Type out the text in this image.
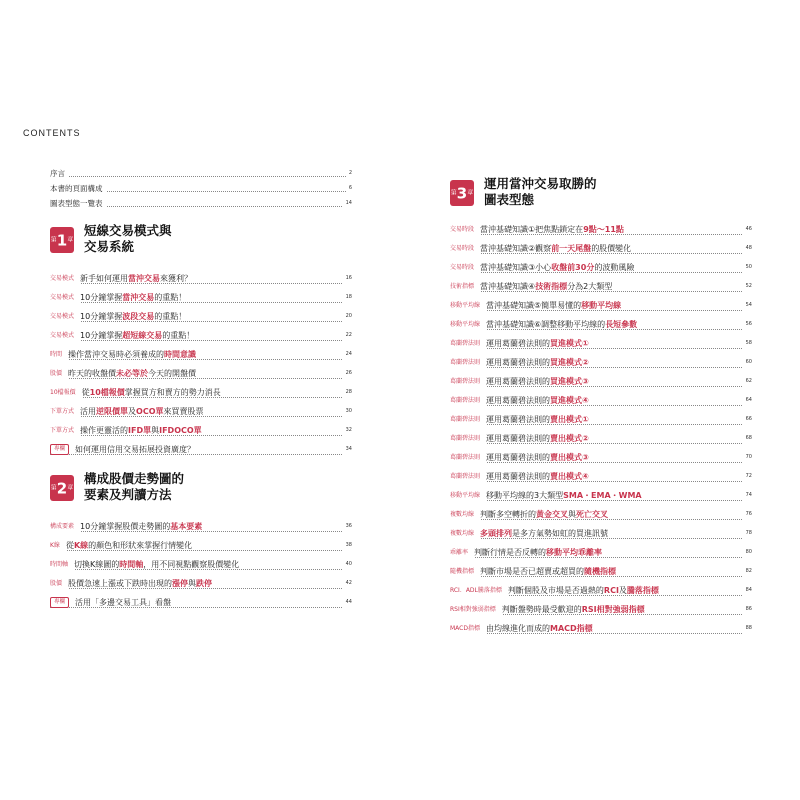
CONTENTS
序言	2
本書的頁面構成	6
圖表型態一覽表	14
第1章
短線交易模式與
交易系統
交易模式 新手如何運用當沖交易來獲利？	16
交易模式 10分鐘掌握當沖交易的重點！	18
交易模式 10分鐘掌握波段交易的重點！	20
交易模式 10分鐘掌握超短線交易的重點！	22
時間 操作當沖交易時必須養成的時間意識	24
股價 昨天的收盤價未必等於今天的開盤價	26
10檔報價 從10檔報價掌握買方和賣方的勢力消長	28
下單方式 活用逆限價單及OCO單來買賣股票	30
下單方式 操作更靈活的IFD單與IFDOCO單	32
專欄 如何運用信用交易拓展投資廣度？	34
第2章
構成股價走勢圖的
要素及判讀方法
構成要素 10分鐘掌握股價走勢圖的基本要素	36
K線 從K線的顏色和形狀來掌握行情變化	38
時間軸 切換K線圖的時間軸，用不同視點觀察股價變化	40
股價 股價急速上漲或下跌時出現的漲停與跌停	42
專欄 活用「多邊交易工具」看盤	44
第3章
運用當沖交易取勝的
圖表型態
交易時段 當沖基礎知識①把焦點鎖定在9點～11點	46
交易時段 當沖基礎知識②觀察前一天尾盤的股價變化	48
交易時段 當沖基礎知識③小心收盤前30分的波動風險	50
技術指標 當沖基礎知識④技術指標分為2大類型	52
移動平均線 當沖基礎知識⑤簡單易懂的移動平均線	54
移動平均線 當沖基礎知識⑥調整移動平均線的長短參數	56
葛蘭碧法則 運用葛蘭碧法則的買進模式①	58
葛蘭碧法則 運用葛蘭碧法則的買進模式②	60
葛蘭碧法則 運用葛蘭碧法則的買進模式③	62
葛蘭碧法則 運用葛蘭碧法則的買進模式④	64
葛蘭碧法則 運用葛蘭碧法則的賣出模式①	66
葛蘭碧法則 運用葛蘭碧法則的賣出模式②	68
葛蘭碧法則 運用葛蘭碧法則的賣出模式③	70
葛蘭碧法則 運用葛蘭碧法則的賣出模式④	72
移動平均線 移動平均線的3大類型SMA・EMA・WMA	74
複數均線 判斷多空轉折的黃金交叉與死亡交叉	76
複數均線 多頭排列是多方氣勢如虹的買進訊號	78
乖離率 判斷行情是否反轉的移動平均乖離率	80
隨機指標 判斷市場是否已超賣或超買的隨機指標	82
RCI．ADL騰落指標 判斷個股及市場是否過熱的RCI及騰落指標	84
RSI相對強弱指標 判斷盤勢時最受歡迎的RSI相對強弱指標	86
MACD指標 由均線進化而成的MACD指標	88
